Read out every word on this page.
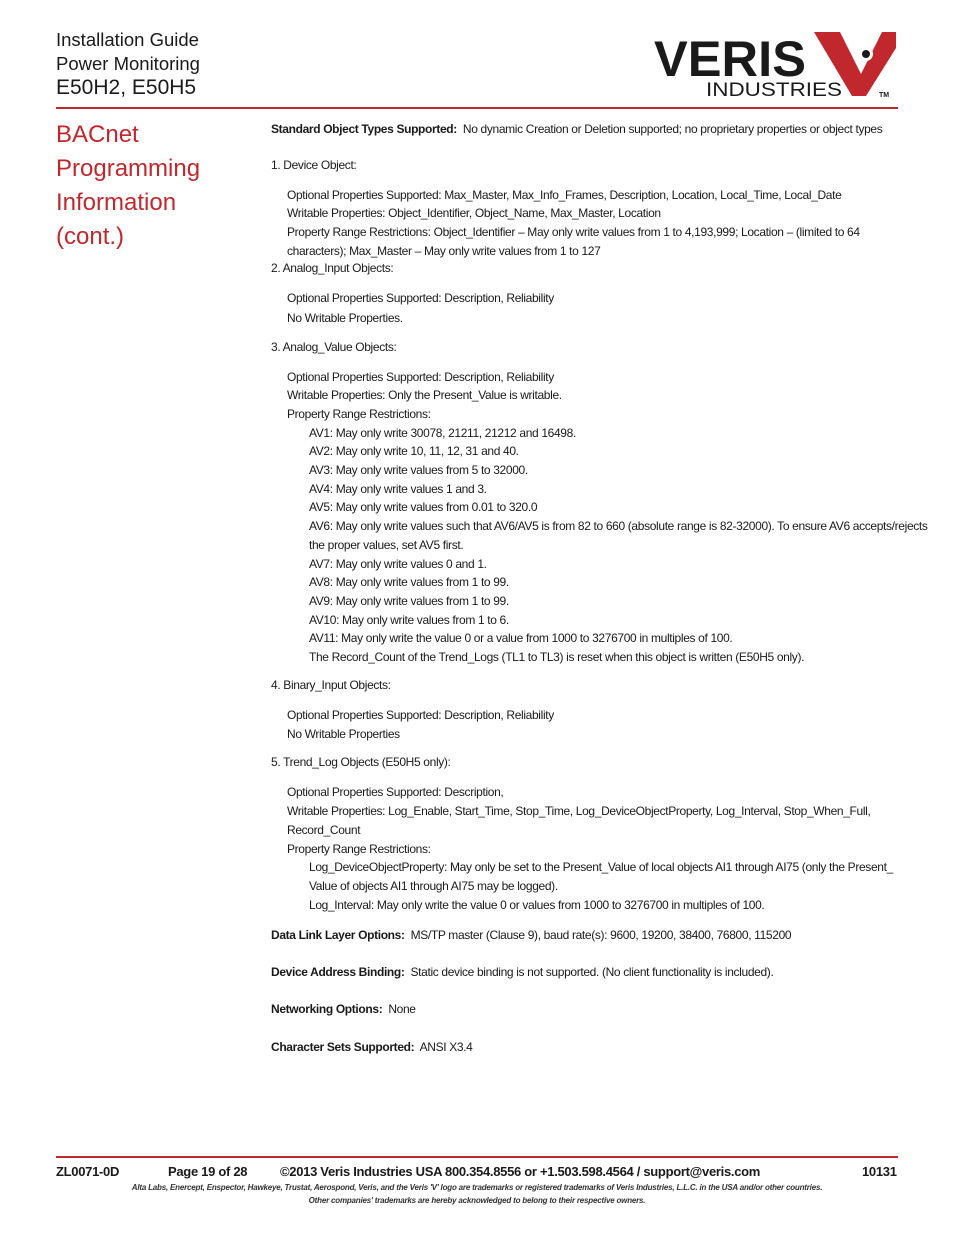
Installation Guide
Power Monitoring
E50H2, E50H5
VERIS
INDUSTRIES	TM
BACnet
Programming
Information
(cont.)
Standard Object Types Supported: No dynamic Creation or Deletion supported; no proprietary properties or object types
1. Device Object:
Optional Properties Supported: Max_Master, Max_Info_Frames, Description, Location, Local_Time, Local_Date
Writable Properties: Object_Identifier, Object_Name, Max_Master, Location
Property Range Restrictions: Object_Identifier – May only write values from 1 to 4,193,999; Location – (limited to 64
characters); Max_Master – May only write values from 1 to 127
2. Analog_Input Objects:
Optional Properties Supported: Description, Reliability
No Writable Properties.
3. Analog_Value Objects:
Optional Properties Supported: Description, Reliability
Writable Properties: Only the Present_Value is writable.
Property Range Restrictions:
AV1: May only write 30078, 21211, 21212 and 16498.
AV2: May only write 10, 11, 12, 31 and 40.
AV3: May only write values from 5 to 32000.
AV4: May only write values 1 and 3.
AV5: May only write values from 0.01 to 320.0
AV6: May only write values such that AV6/AV5 is from 82 to 660 (absolute range is 82-32000). To ensure AV6 accepts/rejects
the proper values, set AV5 first.
AV7: May only write values 0 and 1.
AV8: May only write values from 1 to 99.
AV9: May only write values from 1 to 99.
AV10: May only write values from 1 to 6.
AV11: May only write the value 0 or a value from 1000 to 3276700 in multiples of 100.
The Record_Count of the Trend_Logs (TL1 to TL3) is reset when this object is written (E50H5 only).
4. Binary_Input Objects:
Optional Properties Supported: Description, Reliability
No Writable Properties
5. Trend_Log Objects (E50H5 only):
Optional Properties Supported: Description,
Writable Properties: Log_Enable, Start_Time, Stop_Time, Log_DeviceObjectProperty, Log_Interval, Stop_When_Full,
Record_Count
Property Range Restrictions:
Log_DeviceObjectProperty: May only be set to the Present_Value of local objects AI1 through AI75 (only the Present_
Value of objects AI1 through AI75 may be logged).
Log_Interval: May only write the value 0 or values from 1000 to 3276700 in multiples of 100.
Data Link Layer Options: MS/TP master (Clause 9), baud rate(s): 9600, 19200, 38400, 76800, 115200
Device Address Binding: Static device binding is not supported. (No client functionality is included).
Networking Options: None
Character Sets Supported: ANSI X3.4
ZL0071-0D	Page 19 of 28	©2013 Veris Industries USA 800.354.8556 or +1.503.598.4564 / support@veris.com	10131
Alta Labs, Enercept, Enspector, Hawkeye, Trustat, Aerospond, Veris, and the Veris 'V' logo are trademarks or registered trademarks of Veris Industries, L.L.C. in the USA and/or other countries.
Other companies' trademarks are hereby acknowledged to belong to their respective owners.
